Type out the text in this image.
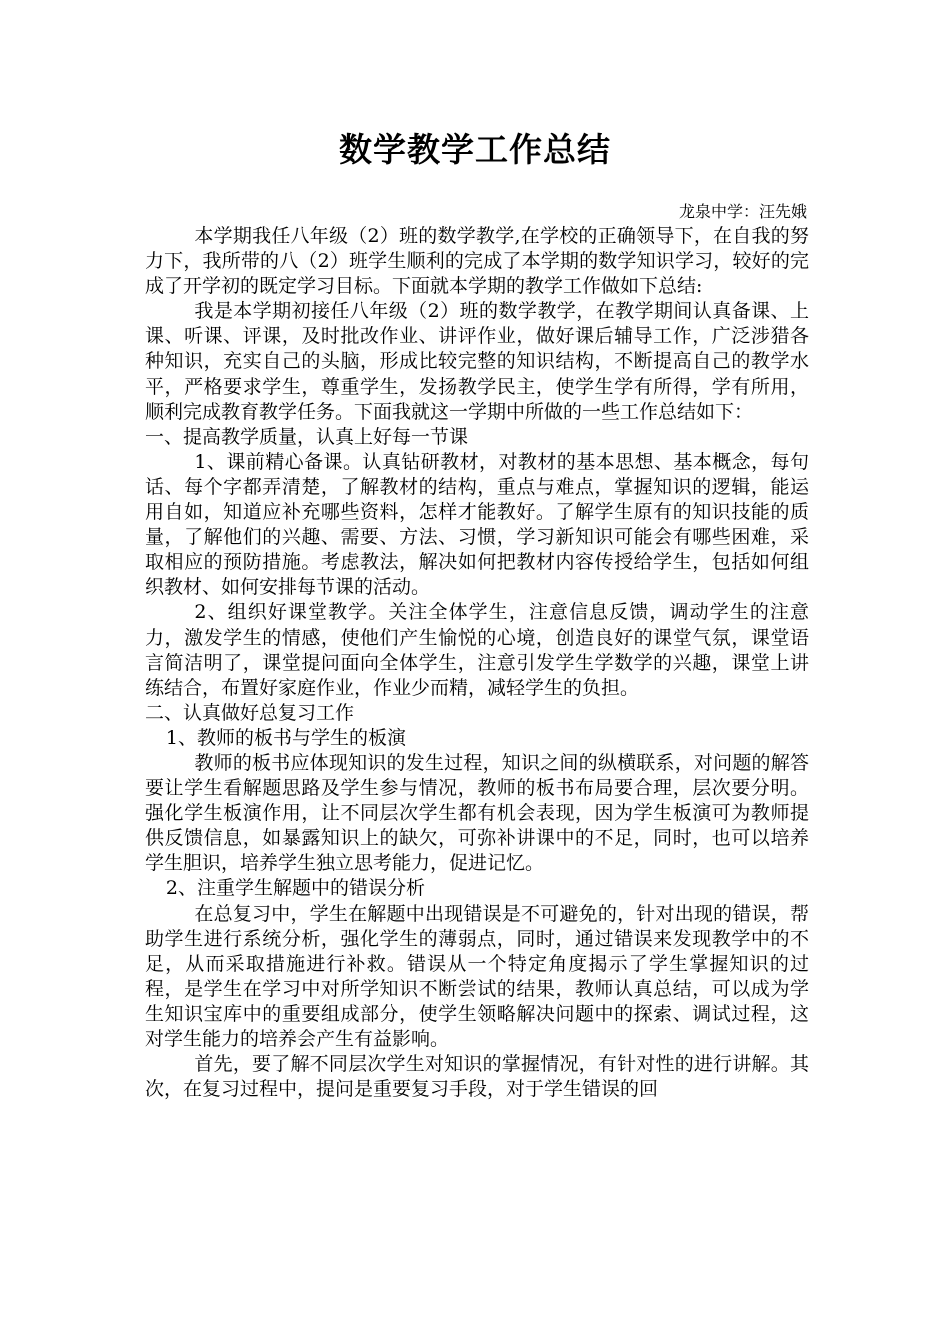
数学教学工作总结

龙泉中学：汪先娥

本学期我任八年级（2）班的数学教学,在学校的正确领导下，在自我的努力下，我所带的八（2）班学生顺利的完成了本学期的数学知识学习，较好的完成了开学初的既定学习目标。下面就本学期的教学工作做如下总结:

我是本学期初接任八年级（2）班的数学教学，在教学期间认真备课、上课、听课、评课，及时批改作业、讲评作业，做好课后辅导工作，广泛涉猎各种知识，充实自己的头脑，形成比较完整的知识结构，不断提高自己的教学水平，严格要求学生，尊重学生，发扬教学民主，使学生学有所得，学有所用，顺利完成教育教学任务。下面我就这一学期中所做的一些工作总结如下：

一、提高教学质量，认真上好每一节课

1、课前精心备课。认真钻研教材，对教材的基本思想、基本概念，每句话、每个字都弄清楚，了解教材的结构，重点与难点，掌握知识的逻辑，能运用自如，知道应补充哪些资料，怎样才能教好。了解学生原有的知识技能的质量，了解他们的兴趣、需要、方法、习惯，学习新知识可能会有哪些困难，采取相应的预防措施。考虑教法，解决如何把教材内容传授给学生，包括如何组织教材、如何安排每节课的活动。

2、组织好课堂教学。关注全体学生，注意信息反馈，调动学生的注意力，激发学生的情感，使他们产生愉悦的心境，创造良好的课堂气氛，课堂语言简洁明了，课堂提问面向全体学生，注意引发学生学数学的兴趣，课堂上讲练结合，布置好家庭作业，作业少而精，减轻学生的负担。

二、认真做好总复习工作

1、教师的板书与学生的板演

教师的板书应体现知识的发生过程，知识之间的纵横联系，对问题的解答要让学生看解题思路及学生参与情况，教师的板书布局要合理，层次要分明。强化学生板演作用，让不同层次学生都有机会表现，因为学生板演可为教师提供反馈信息，如暴露知识上的缺欠，可弥补讲课中的不足，同时，也可以培养学生胆识，培养学生独立思考能力，促进记忆。

2、注重学生解题中的错误分析

在总复习中，学生在解题中出现错误是不可避免的，针对出现的错误，帮助学生进行系统分析，强化学生的薄弱点，同时，通过错误来发现教学中的不足，从而采取措施进行补救。错误从一个特定角度揭示了学生掌握知识的过程，是学生在学习中对所学知识不断尝试的结果，教师认真总结，可以成为学生知识宝库中的重要组成部分，使学生领略解决问题中的探索、调试过程，这对学生能力的培养会产生有益影响。

首先，要了解不同层次学生对知识的掌握情况，有针对性的进行讲解。其次，在复习过程中，提问是重要复习手段，对于学生错误的回
